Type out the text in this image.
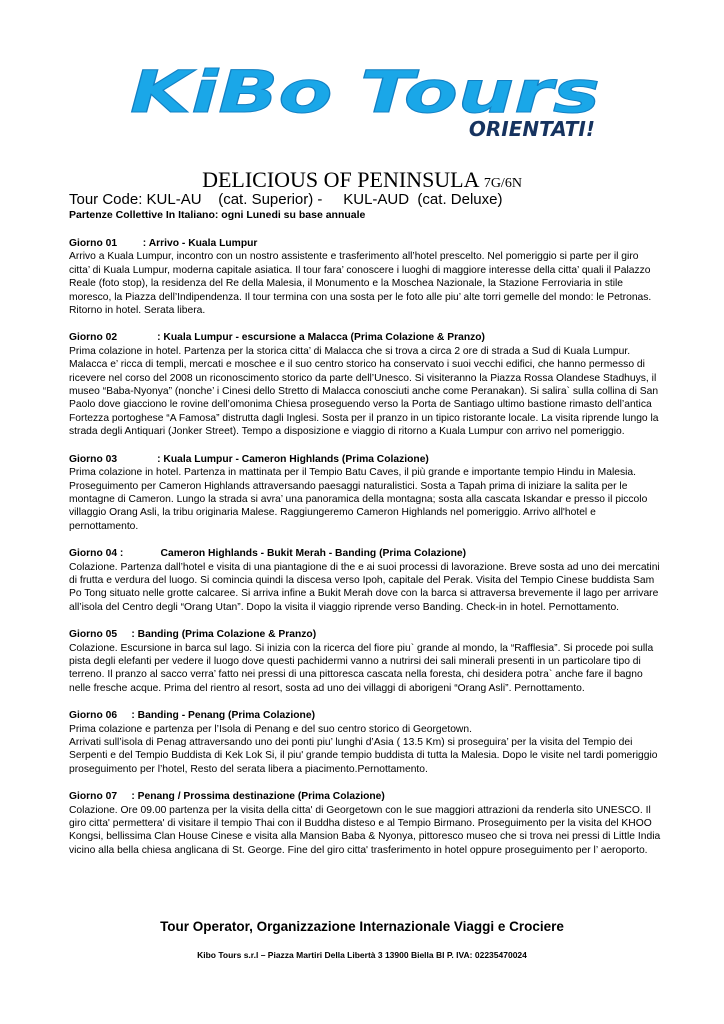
KiBo Tours
ORIENTATI!
DELICIOUS OF PENINSULA 7G/6N
Tour Code: KUL-AU    (cat. Superior) -     KUL-AUD  (cat. Deluxe)
Partenze Collettive In Italiano: ogni Lunedi su base annuale
Giorno 01         : Arrivo - Kuala Lumpur
Arrivo a Kuala Lumpur, incontro con un nostro assistente e trasferimento all’hotel prescelto. Nel pomeriggio si parte per il giro citta’ di Kuala Lumpur, moderna capitale asiatica. Il tour fara’ conoscere i luoghi di maggiore interesse della citta’ quali il Palazzo Reale (foto stop), la residenza del Re della Malesia, il Monumento e la Moschea Nazionale, la Stazione Ferroviaria in stile moresco, la Piazza dell’Indipendenza. Il tour termina con una sosta per le foto alle piu’ alte torri gemelle del mondo: le Petronas. Ritorno in hotel. Serata libera.
Giorno 02              : Kuala Lumpur - escursione a Malacca (Prima Colazione & Pranzo)
Prima colazione in hotel. Partenza per la storica citta’ di Malacca che si trova a circa 2 ore di strada a Sud di Kuala Lumpur. Malacca e’ ricca di templi, mercati e moschee e il suo centro storico ha conservato i suoi vecchi edifici, che hanno permesso di ricevere nel corso del 2008 un riconoscimento storico da parte dell’Unesco. Si visiteranno la Piazza Rossa Olandese Stadhuys, il museo “Baba-Nyonya” (nonche’ i Cinesi dello Stretto di Malacca conosciuti anche come Peranakan). Si salira` sulla collina di San Paolo dove giacciono le rovine dell’omonima Chiesa proseguendo verso la Porta de Santiago ultimo bastione rimasto dell’antica Fortezza portoghese “A Famosa” distrutta dagli Inglesi. Sosta per il pranzo in un tipico ristorante locale. La visita riprende lungo la strada degli Antiquari (Jonker Street). Tempo a disposizione e viaggio di ritorno a Kuala Lumpur con arrivo nel pomeriggio.
Giorno 03              : Kuala Lumpur - Cameron Highlands (Prima Colazione)
Prima colazione in hotel. Partenza in mattinata per il Tempio Batu Caves, il più grande e importante tempio Hindu in Malesia. Proseguimento per Cameron Highlands attraversando paesaggi naturalistici. Sosta a Tapah prima di iniziare la salita per le montagne di Cameron. Lungo la strada si avra’ una panoramica della montagna; sosta alla cascata Iskandar e presso il piccolo villaggio Orang Asli, la tribu originaria Malese. Raggiungeremo Cameron Highlands nel pomeriggio. Arrivo all'hotel e pernottamento.
Giorno 04 :             Cameron Highlands - Bukit Merah - Banding (Prima Colazione)
Colazione. Partenza dall’hotel e visita di una piantagione di the e ai suoi processi di lavorazione. Breve sosta ad uno dei mercatini di frutta e verdura del luogo. Si comincia quindi la discesa verso Ipoh, capitale del Perak. Visita del Tempio Cinese buddista Sam Po Tong situato nelle grotte calcaree. Si arriva infine a Bukit Merah dove con la barca si attraversa brevemente il lago per arrivare all’isola del Centro degli “Orang Utan”. Dopo la visita il viaggio riprende verso Banding. Check-in in hotel. Pernottamento.
Giorno 05     : Banding (Prima Colazione & Pranzo)
Colazione. Escursione in barca sul lago. Si inizia con la ricerca del fiore piu` grande al mondo, la “Rafflesia”. Si procede poi sulla pista degli elefanti per vedere il luogo dove questi pachidermi vanno a nutrirsi dei sali minerali presenti in un particolare tipo di terreno. Il pranzo al sacco verra’ fatto nei pressi di una pittoresca cascata nella foresta, chi desidera potra` anche fare il bagno nelle fresche acque. Prima del rientro al resort, sosta ad uno dei villaggi di aborigeni “Orang Asli”. Pernottamento.
Giorno 06     : Banding - Penang (Prima Colazione)
Prima colazione e partenza per l’Isola di Penang e del suo centro storico di Georgetown.
Arrivati sull’isola di Penag attraversando uno dei ponti piu’ lunghi d’Asia ( 13.5 Km) si proseguira’ per la visita del Tempio dei Serpenti e del Tempio Buddista di Kek Lok Si, il piu' grande tempio buddista di tutta la Malesia. Dopo le visite nel tardi pomeriggio proseguimento per l’hotel, Resto del serata libera a piacimento.Pernottamento.
Giorno 07     : Penang / Prossima destinazione (Prima Colazione)
Colazione. Ore 09.00 partenza per la visita della citta' di Georgetown con le sue maggiori attrazioni da renderla sito UNESCO. Il giro citta' permettera' di visitare il tempio Thai con il Buddha disteso e al Tempio Birmano. Proseguimento per la visita del KHOO Kongsi, bellissima Clan House Cinese e visita alla Mansion Baba & Nyonya, pittoresco museo che si trova nei pressi di Little India vicino alla bella chiesa anglicana di St. George. Fine del giro citta' trasferimento in hotel oppure proseguimento per l’ aeroporto.
Tour Operator, Organizzazione Internazionale Viaggi e Crociere
Kibo Tours s.r.l – Piazza Martiri Della Libertà 3 13900 Biella BI P. IVA: 02235470024
